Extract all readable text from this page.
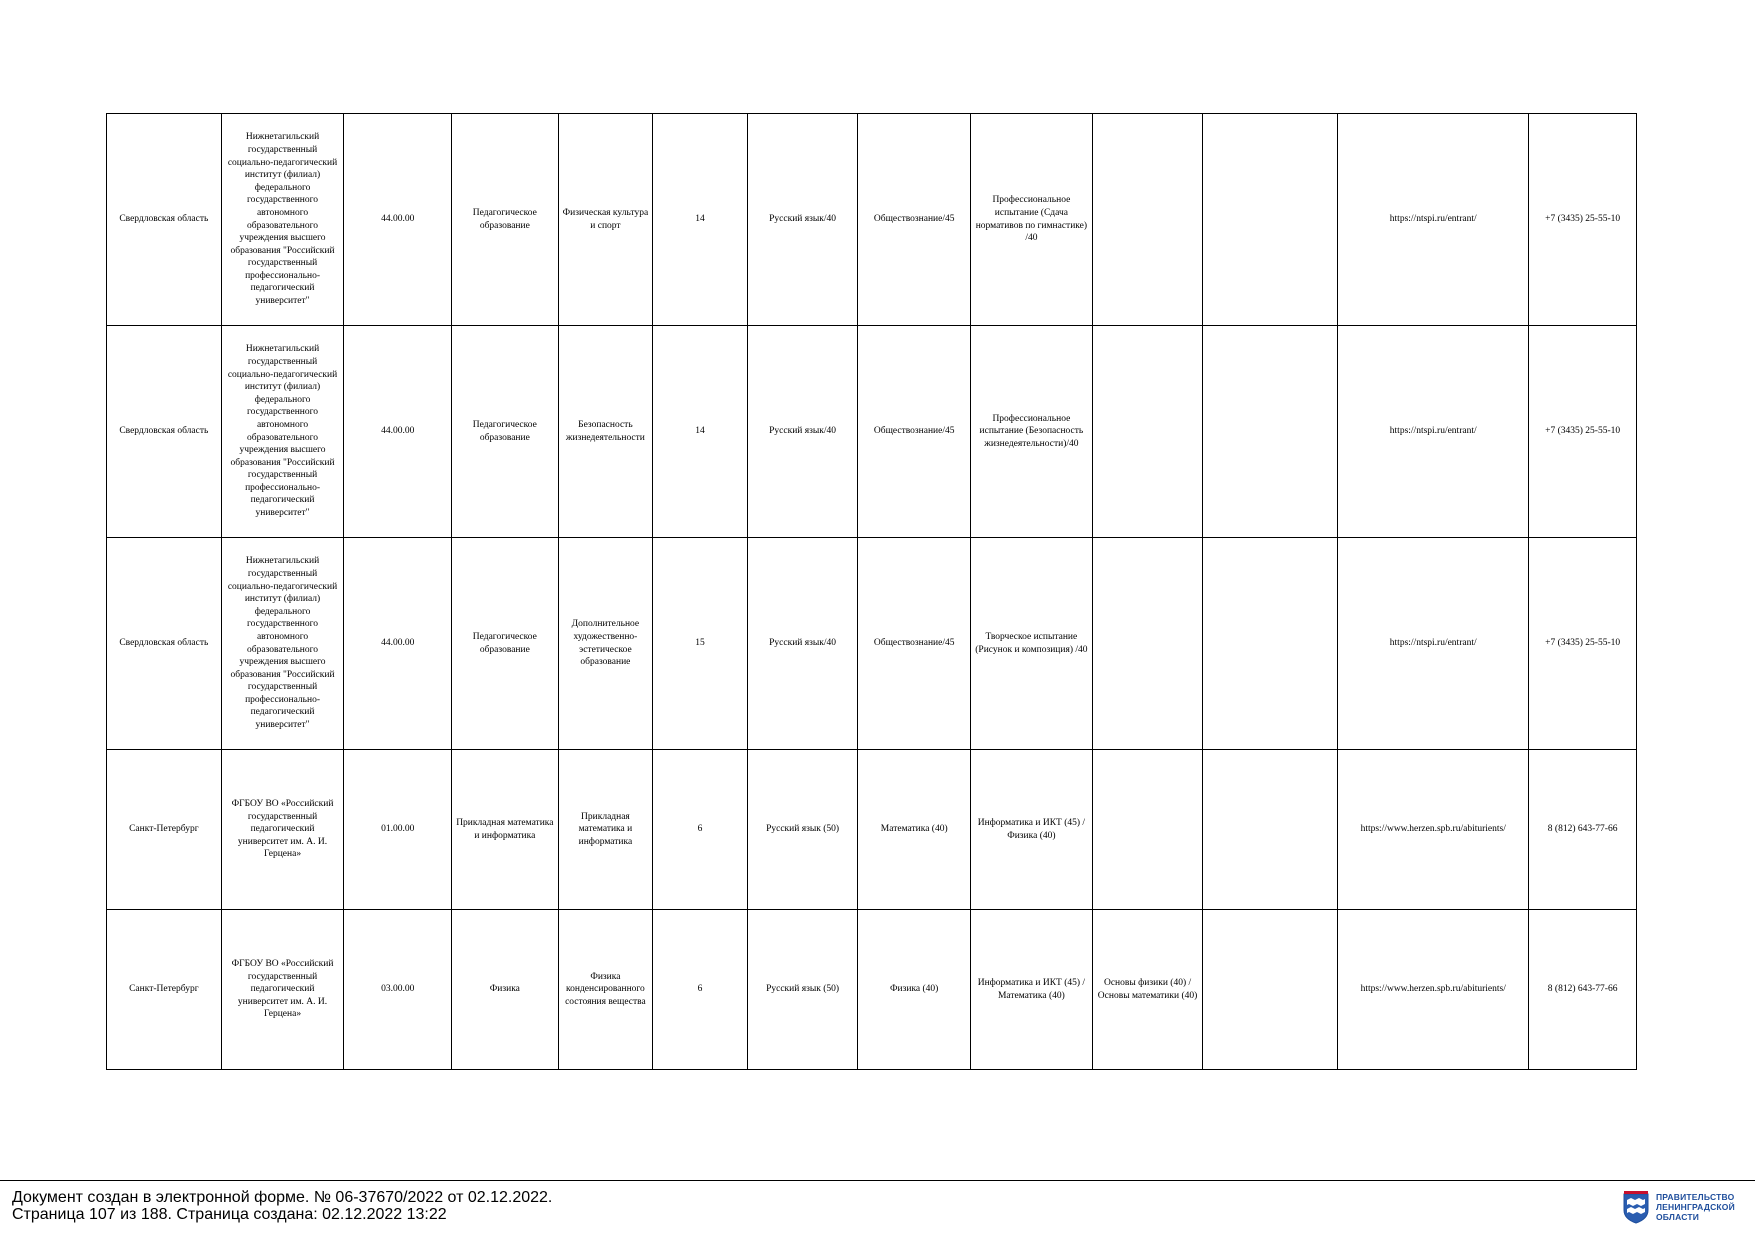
Свердловская область	Нижнетагильский государственный социально-педагогический институт (филиал) федерального государственного автономного образовательного учреждения высшего образования "Российский государственный профессионально-педагогический университет"	44.00.00	Педагогическое образование	Физическая культура и спорт	14	Русский язык/40	Обществознание/45	Профессиональное испытание (Сдача нормативов по гимнастике) /40			https://ntspi.ru/entrant/	+7 (3435) 25-55-10
Свердловская область	Нижнетагильский государственный социально-педагогический институт (филиал) федерального государственного автономного образовательного учреждения высшего образования "Российский государственный профессионально-педагогический университет"	44.00.00	Педагогическое образование	Безопасность жизнедеятельности	14	Русский язык/40	Обществознание/45	Профессиональное испытание (Безопасность жизнедеятельности)/40			https://ntspi.ru/entrant/	+7 (3435) 25-55-10
Свердловская область	Нижнетагильский государственный социально-педагогический институт (филиал) федерального государственного автономного образовательного учреждения высшего образования "Российский государственный профессионально-педагогический университет"	44.00.00	Педагогическое образование	Дополнительное художественно-эстетическое образование	15	Русский язык/40	Обществознание/45	Творческое испытание (Рисунок и композиция) /40			https://ntspi.ru/entrant/	+7 (3435) 25-55-10
Санкт-Петербург	ФГБОУ ВО «Российский государственный педагогический университет им. А. И. Герцена»	01.00.00	Прикладная математика и информатика	Прикладная математика и информатика	6	Русский язык (50)	Математика (40)	Информатика и ИКТ (45) / Физика (40)			https://www.herzen.spb.ru/abiturients/	8 (812) 643-77-66
Санкт-Петербург	ФГБОУ ВО «Российский государственный педагогический университет им. А. И. Герцена»	03.00.00	Физика	Физика конденсированного состояния вещества	6	Русский язык (50)	Физика (40)	Информатика и ИКТ (45) / Математика (40)	Основы физики (40) / Основы математики (40)		https://www.herzen.spb.ru/abiturients/	8 (812) 643-77-66
Документ создан в электронной форме. № 06-37670/2022 от 02.12.2022.
Страница 107 из 188. Страница создана: 02.12.2022 13:22
ПРАВИТЕЛЬСТВО
ЛЕНИНГРАДСКОЙ
ОБЛАСТИ
